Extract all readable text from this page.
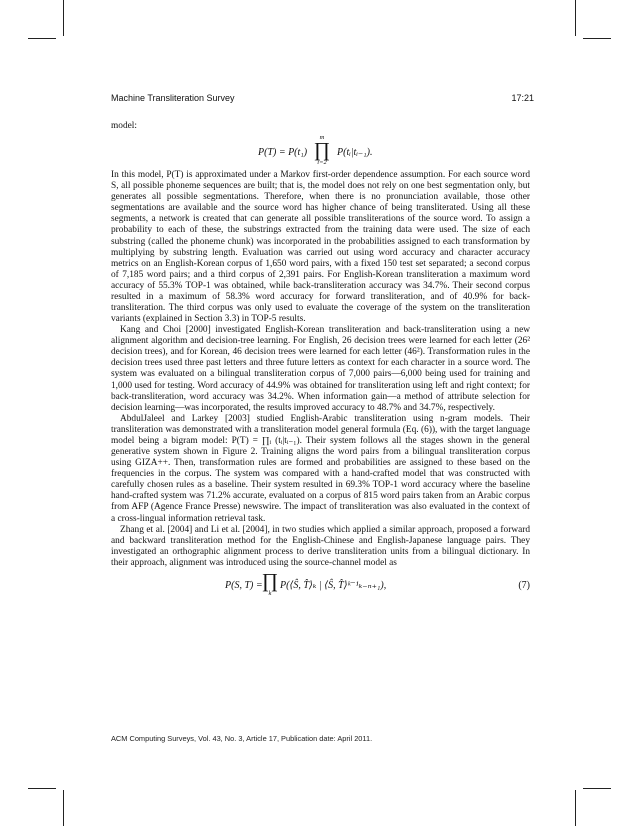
Machine Transliteration Survey	17:21

model:

P(T) = P(t₁)
m
∏
i=2
P(tᵢ|tᵢ₋₁).

In this model, P(T) is approximated under a Markov first-order dependence assumption. For each source word S, all possible phoneme sequences are built; that is, the model does not rely on one best segmentation only, but generates all possible segmentations. Therefore, when there is no pronunciation available, those other segmentations are available and the source word has higher chance of being transliterated. Using all these segments, a network is created that can generate all possible transliterations of the source word. To assign a probability to each of these, the substrings extracted from the training data were used. The size of each substring (called the phoneme chunk) was incorporated in the probabilities assigned to each transformation by multiplying by substring length. Evaluation was carried out using word accuracy and character accuracy metrics on an English-Korean corpus of 1,650 word pairs, with a fixed 150 test set separated; a second corpus of 7,185 word pairs; and a third corpus of 2,391 pairs. For English-Korean transliteration a maximum word accuracy of 55.3% TOP-1 was obtained, while back-transliteration accuracy was 34.7%. Their second corpus resulted in a maximum of 58.3% word accuracy for forward transliteration, and of 40.9% for back-transliteration. The third corpus was only used to evaluate the coverage of the system on the transliteration variants (explained in Section 3.3) in TOP-5 results.

Kang and Choi [2000] investigated English-Korean transliteration and back-transliteration using a new alignment algorithm and decision-tree learning. For English, 26 decision trees were learned for each letter (26² decision trees), and for Korean, 46 decision trees were learned for each letter (46²). Transformation rules in the decision trees used three past letters and three future letters as context for each character in a source word. The system was evaluated on a bilingual transliteration corpus of 7,000 pairs—6,000 being used for training and 1,000 used for testing. Word accuracy of 44.9% was obtained for transliteration using left and right context; for back-transliteration, word accuracy was 34.2%. When information gain—a method of attribute selection for decision learning—was incorporated, the results improved accuracy to 48.7% and 34.7%, respectively.

AbdulJaleel and Larkey [2003] studied English-Arabic transliteration using n-gram models. Their transliteration was demonstrated with a transliteration model general formula (Eq. (6)), with the target language model being a bigram model: P(T) = ∏ᵢ (tᵢ|tᵢ₋₁). Their system follows all the stages shown in the general generative system shown in Figure 2. Training aligns the word pairs from a bilingual transliteration corpus using GIZA++. Then, transformation rules are formed and probabilities are assigned to these based on the frequencies in the corpus. The system was compared with a hand-crafted model that was constructed with carefully chosen rules as a baseline. Their system resulted in 69.3% TOP-1 word accuracy where the baseline hand-crafted system was 71.2% accurate, evaluated on a corpus of 815 word pairs taken from an Arabic corpus from AFP (Agence France Presse) newswire. The impact of transliteration was also evaluated in the context of a cross-lingual information retrieval task.

Zhang et al. [2004] and Li et al. [2004], in two studies which applied a similar approach, proposed a forward and backward transliteration method for the English-Chinese and English-Japanese language pairs. They investigated an orthographic alignment process to derive transliteration units from a bilingual dictionary. In their approach, alignment was introduced using the source-channel model as

P(S, T) = ∏
k
P(⟨Ŝ, T̂⟩ₖ | ⟨Ŝ, T̂⟩ᵏ⁻¹ₖ₋ₙ₊₁),	(7)
ACM Computing Surveys, Vol. 43, No. 3, Article 17, Publication date: April 2011.
